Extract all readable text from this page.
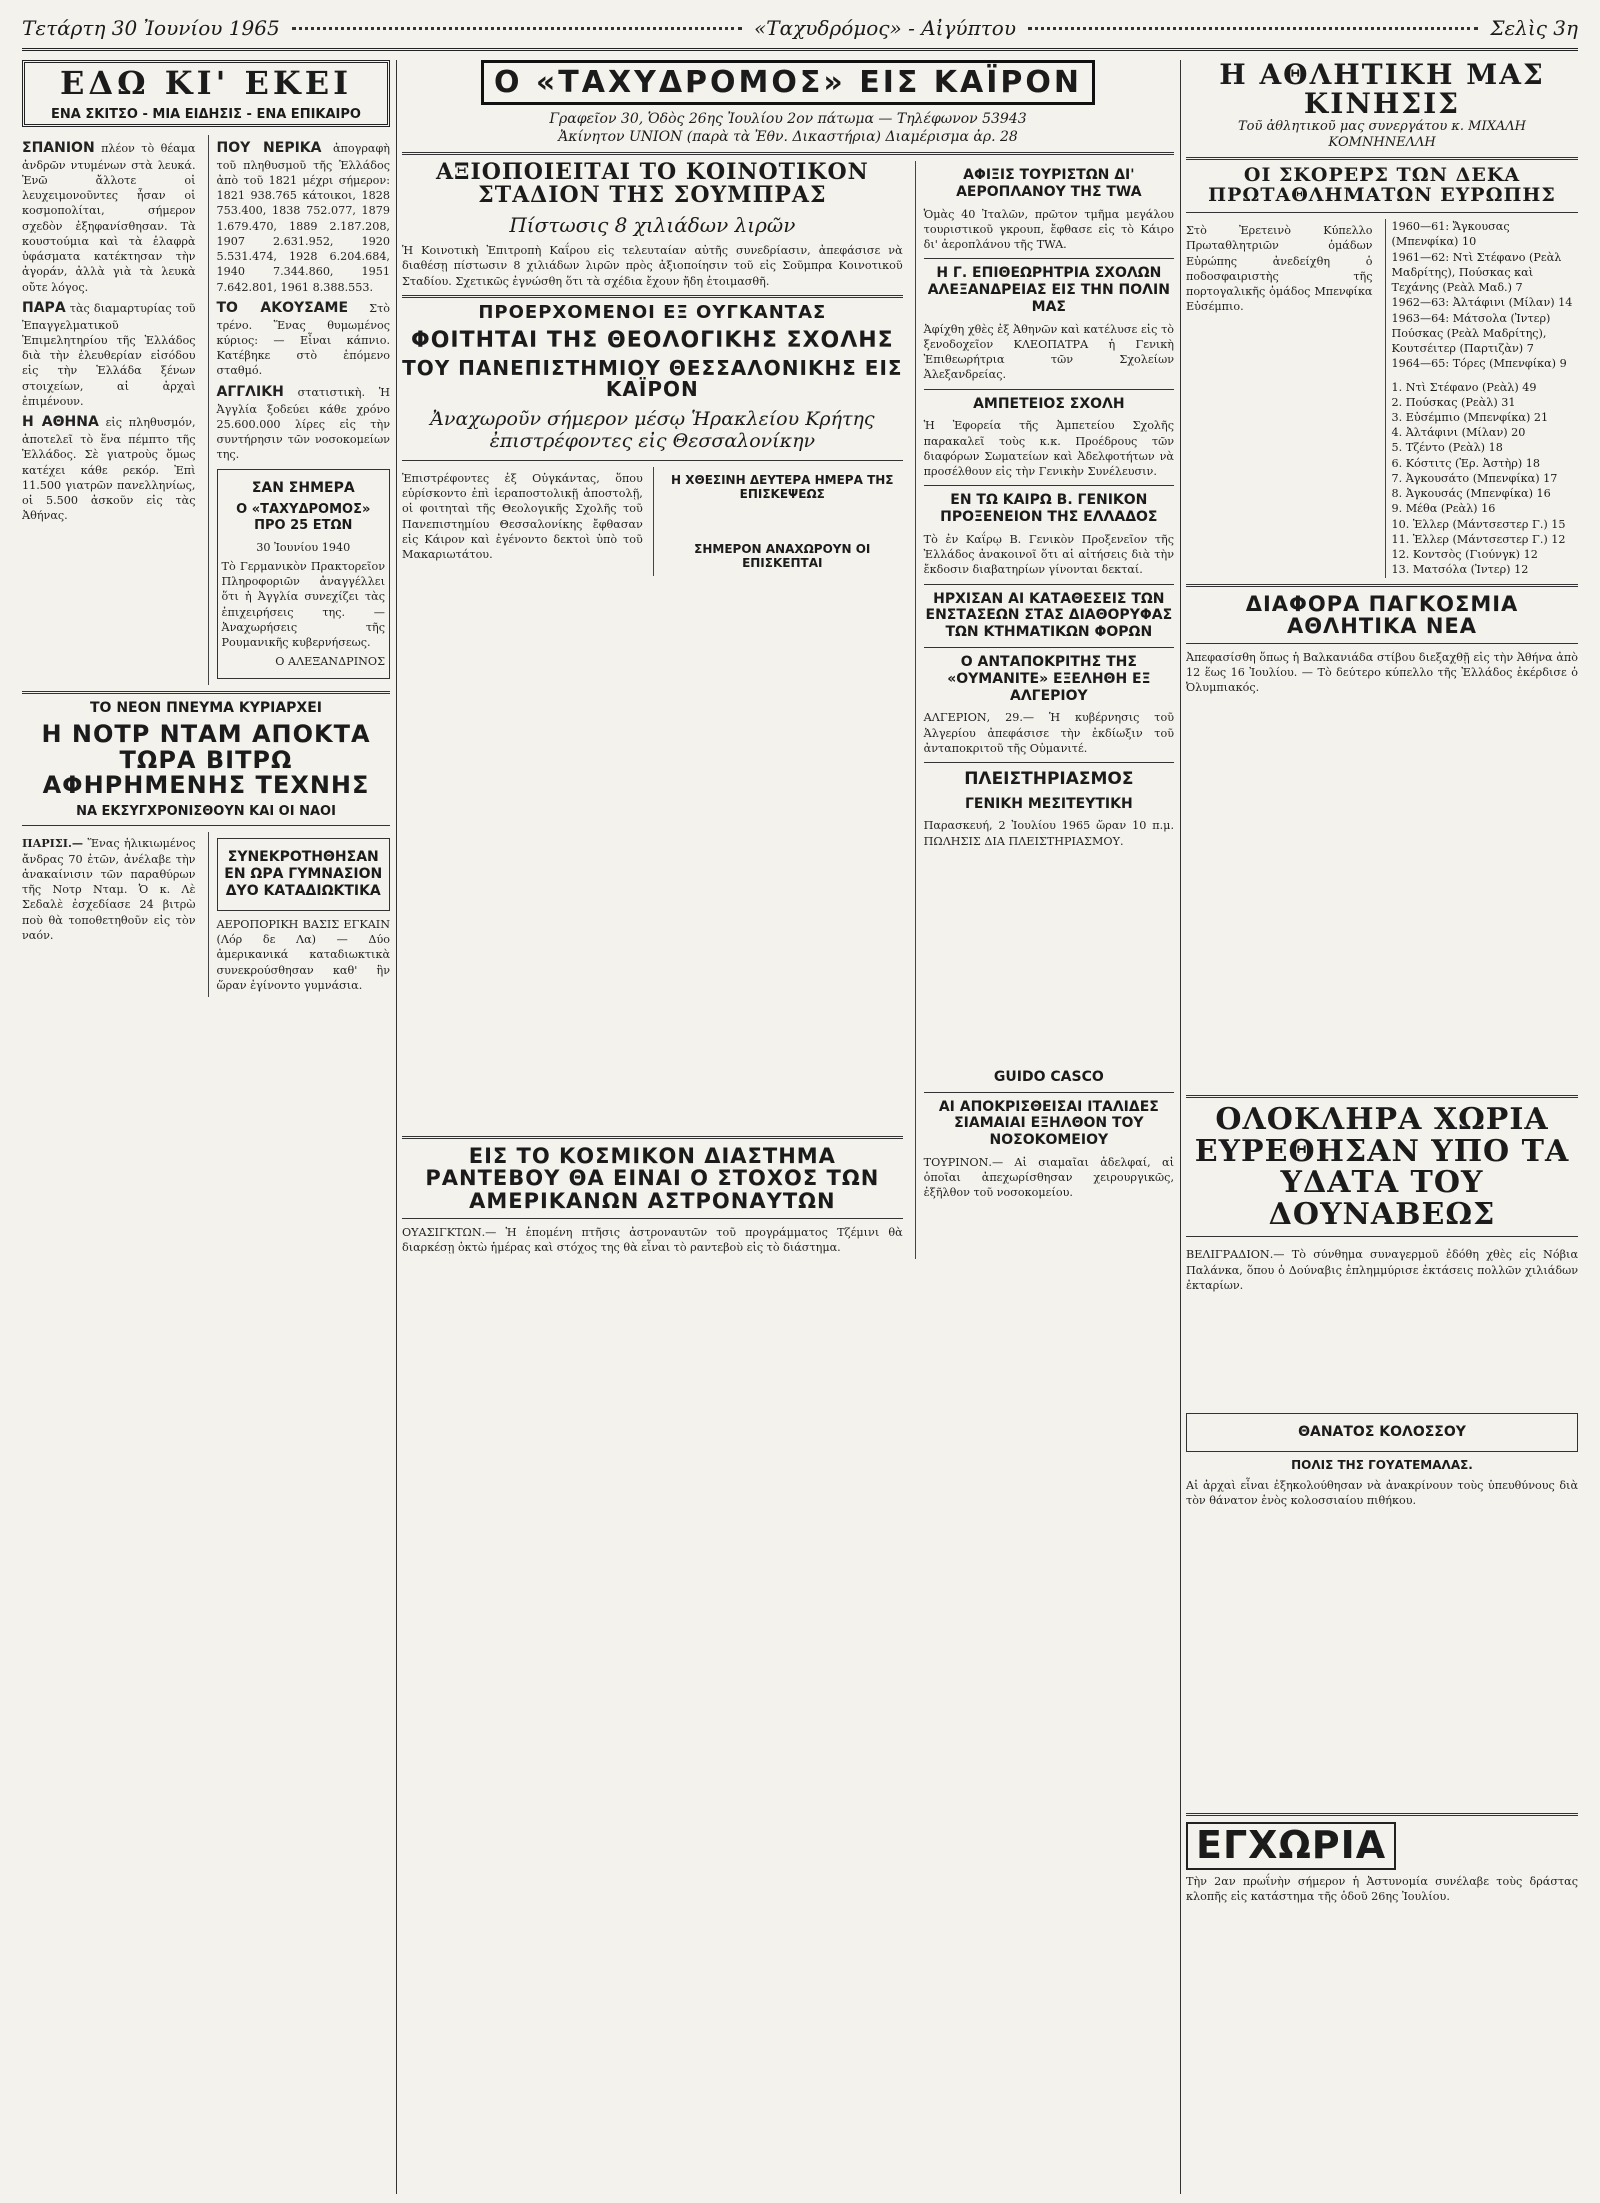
Τετάρτη 30 Ἰουνίου 1965	«Ταχυδρόμος» - Αἰγύπτου	Σελὶς 3η
ΕΔΩ ΚΙ' ΕΚΕΙ
ΕΝΑ ΣΚΙΤΣΟ - ΜΙΑ ΕΙΔΗΣΙΣ - ΕΝΑ ΕΠΙΚΑΙΡΟ
ΣΠΑΝΙΟΝ πλέον τὸ θέαμα ἀνδρῶν ντυμένων στὰ λευκά. Ἐνῶ ἄλλοτε οἱ λευχειμονοῦντες ἦσαν οἱ κοσμοπολίται, σήμερον σχεδὸν ἐξηφανίσθησαν. Τὰ κουστούμια καὶ τὰ ἐλαφρὰ ὑφάσματα κατέκτησαν τὴν ἀγοράν, ἀλλὰ γιὰ τὰ λευκὰ οὔτε λόγος.
ΠΑΡΑ τὰς διαμαρτυρίας τοῦ Ἐπαγγελματικοῦ Ἐπιμελητηρίου τῆς Ἑλλάδος διὰ τὴν ἐλευθερίαν εἰσόδου εἰς τὴν Ἑλλάδα ξένων στοιχείων, αἱ ἀρχαὶ ἐπιμένουν.
Η ΑΘΗΝΑ εἰς πληθυσμόν, ἀποτελεῖ τὸ ἕνα πέμπτο τῆς Ἑλλάδος. Σὲ γιατροὺς ὅμως κατέχει κάθε ρεκόρ. Ἐπὶ 11.500 γιατρῶν πανελληνίως, οἱ 5.500 ἀσκοῦν εἰς τὰς Ἀθήνας.
ΠΟΥ ΝΕΡΙΚΑ ἀπογραφὴ τοῦ πληθυσμοῦ τῆς Ἑλλάδος ἀπὸ τοῦ 1821 μέχρι σήμερον: 1821 938.765 κάτοικοι, 1828 753.400, 1838 752.077, 1879 1.679.470, 1889 2.187.208, 1907 2.631.952, 1920 5.531.474, 1928 6.204.684, 1940 7.344.860, 1951 7.642.801, 1961 8.388.553.
ΤΟ ΑΚΟΥΣΑΜΕ Στὸ τρένο. Ἕνας θυμωμένος κύριος: — Εἶναι κάπνιο. Κατέβηκε στὸ ἑπόμενο σταθμό.
ΑΓΓΛΙΚΗ στατιστικὴ. Ἡ Ἀγγλία ξοδεύει κάθε χρόνο 25.600.000 λίρες εἰς τὴν συντήρησιν τῶν νοσοκομείων της.
ΣΑΝ ΣΗΜΕΡΑ
Ο «ΤΑΧΥΔΡΟΜΟΣ» ΠΡΟ 25 ΕΤΩΝ
30 Ἰουνίου 1940
Τὸ Γερμανικὸν Πρακτορεῖον Πληροφοριῶν ἀναγγέλλει ὅτι ἡ Ἀγγλία συνεχίζει τὰς ἐπιχειρήσεις της. — Ἀναχωρήσεις τῆς Ρουμανικῆς κυβερνήσεως.
Ο ΑΛΕΞΑΝΔΡΙΝΟΣ
ΤΟ ΝΕΟΝ ΠΝΕΥΜΑ ΚΥΡΙΑΡΧΕΙ
Η ΝΟΤΡ ΝΤΑΜ ΑΠΟΚΤΑ ΤΩΡΑ ΒΙΤΡΩ ΑΦΗΡΗΜΕΝΗΣ ΤΕΧΝΗΣ
ΝΑ ΕΚΣΥΓΧΡΟΝΙΣΘΟΥΝ ΚΑΙ ΟΙ ΝΑΟΙ
ΠΑΡΙΣΙ.— Ἕνας ἡλικιωμένος ἄνδρας 70 ἐτῶν, ἀνέλαβε τὴν ἀνακαίνισιν τῶν παραθύρων τῆς Νοτρ Νταμ. Ὁ κ. Λὲ Σεδαλὲ ἐσχεδίασε 24 βιτρὼ ποὺ θὰ τοποθετηθοῦν εἰς τὸν ναόν.
ΣΥΝΕΚΡΟΤΗΘΗΣΑΝ ΕΝ ΩΡΑ ΓΥΜΝΑΣΙΟΝ ΔΥΟ ΚΑΤΑΔΙΩΚΤΙΚΑ
ΑΕΡΟΠΟΡΙΚΗ ΒΑΣΙΣ ΕΓΚΑΙΝ (Λόρ δε Λα) — Δύο ἀμερικανικά καταδιωκτικὰ συνεκρούσθησαν καθ' ἣν ὥραν ἐγίνοντο γυμνάσια.
Ο «ΤΑΧΥΔΡΟΜΟΣ» ΕΙΣ ΚΑΪΡΟΝ
Γραφεῖον 30, Ὁδὸς 26ης Ἰουλίου 2ον πάτωμα — Τηλέφωνον 53943
Ἀκίνητον UNION (παρὰ τὰ Ἐθν. Δικαστήρια) Διαμέρισμα ἀρ. 28
ΑΞΙΟΠΟΙΕΙΤΑΙ ΤΟ ΚΟΙΝΟΤΙΚΟΝ ΣΤΑΔΙΟΝ ΤΗΣ ΣΟΥΜΠΡΑΣ
Πίστωσις 8 χιλιάδων λιρῶν
Ἡ Κοινοτικὴ Ἐπιτροπὴ Καΐρου εἰς τελευταίαν αὐτῆς συνεδρίασιν, ἀπεφάσισε νὰ διαθέσῃ πίστωσιν 8 χιλιάδων λιρῶν πρὸς ἀξιοποίησιν τοῦ εἰς Σοῦμπρα Κοινοτικοῦ Σταδίου. Σχετικῶς ἐγνώσθη ὅτι τὰ σχέδια ἔχουν ἤδη ἑτοιμασθῆ.
ΠΡΟΕΡΧΟΜΕΝΟΙ ΕΞ ΟΥΓΚΑΝΤΑΣ
ΦΟΙΤΗΤΑΙ ΤΗΣ ΘΕΟΛΟΓΙΚΗΣ ΣΧΟΛΗΣ
ΤΟΥ ΠΑΝΕΠΙΣΤΗΜΙΟΥ ΘΕΣΣΑΛΟΝΙΚΗΣ ΕΙΣ ΚΑΪΡΟΝ
Ἀναχωροῦν σήμερον μέσῳ Ἡρακλείου Κρήτης ἐπιστρέφοντες εἰς Θεσσαλονίκην
Ἐπιστρέφοντες ἐξ Οὐγκάντας, ὅπου εὑρίσκοντο ἐπὶ ἱεραποστολικῇ ἀποστολῇ, οἱ φοιτηταὶ τῆς Θεολογικῆς Σχολῆς τοῦ Πανεπιστημίου Θεσσαλονίκης ἔφθασαν εἰς Κάιρον καὶ ἐγένοντο δεκτοὶ ὑπὸ τοῦ Μακαριωτάτου.
Η ΧΘΕΣΙΝΗ ΔΕΥΤΕΡΑ ΗΜΕΡΑ ΤΗΣ ΕΠΙΣΚΕΨΕΩΣ
ΣΗΜΕΡΟΝ ΑΝΑΧΩΡΟΥΝ ΟΙ ΕΠΙΣΚΕΠΤΑΙ
ΕΙΣ ΤΟ ΚΟΣΜΙΚΟΝ ΔΙΑΣΤΗΜΑ ΡΑΝΤΕΒΟΥ ΘΑ ΕΙΝΑΙ Ο ΣΤΟΧΟΣ ΤΩΝ ΑΜΕΡΙΚΑΝΩΝ ΑΣΤΡΟΝΑΥΤΩΝ
ΟΥΑΣΙΓΚΤΩΝ.— Ἡ ἑπομένη πτῆσις ἀστροναυτῶν τοῦ προγράμματος Τζέμινι θὰ διαρκέσῃ ὀκτὼ ἡμέρας καὶ στόχος της θὰ εἶναι τὸ ραντεβοὺ εἰς τὸ διάστημα.
ΑΦΙΞΙΣ ΤΟΥΡΙΣΤΩΝ ΔΙ' ΑΕΡΟΠΛΑΝΟΥ ΤΗΣ TWA
Ὁμὰς 40 Ἰταλῶν, πρῶτον τμῆμα μεγάλου τουριστικοῦ γκρουπ, ἔφθασε εἰς τὸ Κάιρο δι' ἀεροπλάνου τῆς TWA.
Η Γ. ΕΠΙΘΕΩΡΗΤΡΙΑ ΣΧΟΛΩΝ ΑΛΕΞΑΝΔΡΕΙΑΣ ΕΙΣ ΤΗΝ ΠΟΛΙΝ ΜΑΣ
Ἀφίχθη χθὲς ἐξ Ἀθηνῶν καὶ κατέλυσε εἰς τὸ ξενοδοχεῖον ΚΛΕΟΠΑΤΡΑ ἡ Γενικὴ Ἐπιθεωρήτρια τῶν Σχολείων Ἀλεξανδρείας.
ΑΜΠΕΤΕΙΟΣ ΣΧΟΛΗ
Ἡ Ἐφορεία τῆς Ἀμπετείου Σχολῆς παρακαλεῖ τοὺς κ.κ. Προέδρους τῶν διαφόρων Σωματείων καὶ Ἀδελφοτήτων νὰ προσέλθουν εἰς τὴν Γενικὴν Συνέλευσιν.
ΕΝ ΤΩ ΚΑΙΡΩ Β. ΓΕΝΙΚΟΝ ΠΡΟΞΕΝΕΙΟΝ ΤΗΣ ΕΛΛΑΔΟΣ
Τὸ ἐν Καΐρῳ Β. Γενικὸν Προξενεῖον τῆς Ἑλλάδος ἀνακοινοῖ ὅτι αἱ αἰτήσεις διὰ τὴν ἔκδοσιν διαβατηρίων γίνονται δεκταί.
ΗΡΧΙΣΑΝ ΑΙ ΚΑΤΑΘΕΣΕΙΣ ΤΩΝ ΕΝΣΤΑΣΕΩΝ ΣΤΑΣ ΔΙΑΘΟΡΥΦΑΣ ΤΩΝ ΚΤΗΜΑΤΙΚΩΝ ΦΟΡΩΝ
Ο ΑΝΤΑΠΟΚΡΙΤΗΣ ΤΗΣ «ΟΥΜΑΝΙΤΕ» ΕΞΕΛΗΘΗ ΕΞ ΑΛΓΕΡΙΟΥ
ΑΛΓΕΡΙΟΝ, 29.— Ἡ κυβέρνησις τοῦ Ἀλγερίου ἀπεφάσισε τὴν ἐκδίωξιν τοῦ ἀνταποκριτοῦ τῆς Οὑμανιτέ.
ΠΛΕΙΣΤΗΡΙΑΣΜΟΣ
ΓΕΝΙΚΗ ΜΕΣΙΤΕΥΤΙΚΗ
Παρασκευή, 2 Ἰουλίου 1965 ὥραν 10 π.μ. ΠΩΛΗΣΙΣ ΔΙΑ ΠΛΕΙΣΤΗΡΙΑΣΜΟΥ.
GUIDO CASCO
ΑΙ ΑΠΟΚΡΙΣΘΕΙΣΑΙ ΙΤΑΛΙΔΕΣ ΣΙΑΜΑΙΑΙ ΕΞΗΛΘΟΝ ΤΟΥ ΝΟΣΟΚΟΜΕΙΟΥ
ΤΟΥΡΙΝΟΝ.— Αἱ σιαμαῖαι ἀδελφαί, αἱ ὁποῖαι ἀπεχωρίσθησαν χειρουργικῶς, ἐξῆλθον τοῦ νοσοκομείου.
Η ΑΘΛΗΤΙΚΗ ΜΑΣ ΚΙΝΗΣΙΣ
Τοῦ ἀθλητικοῦ μας συνεργάτου κ. ΜΙΧΑΛΗ ΚΟΜΝΗΝΕΛΛΗ
ΟΙ ΣΚΟΡΕΡΣ ΤΩΝ ΔΕΚΑ ΠΡΩΤΑΘΛΗΜΑΤΩΝ ΕΥΡΩΠΗΣ
Στὸ Ἐρετεινὸ Κύπελλο Πρωταθλητριῶν ὁμάδων Εὐρώπης ἀνεδείχθη ὁ ποδοσφαιριστὴς τῆς πορτογαλικῆς ὁμάδος Μπενφίκα Εὐσέμπιο.
1960—61: Ἄγκουσας (Μπενφίκα) 10
1961—62: Ντὶ Στέφανο (Ρεὰλ Μαδρίτης), Πούσκας καὶ Τεχάνης (Ρεὰλ Μαδ.) 7
1962—63: Ἀλτάφινι (Μίλαν) 14
1963—64: Μάτσολα (Ἰντερ) Πούσκας (Ρεὰλ Μαδρίτης), Κουτσέιτερ (Παρτιζὰν) 7
1964—65: Τόρες (Μπενφίκα) 9
1. Ντὶ Στέφανο (Ρεὰλ) 49
2. Πούσκας (Ρεὰλ) 31
3. Εὐσέμπιο (Μπενφίκα) 21
4. Ἀλτάφινι (Μίλαν) 20
5. Τζέντο (Ρεὰλ) 18
6. Κόστιτς (Ἐρ. Ἀστὴρ) 18
7. Ἀγκουσάτο (Μπενφίκα) 17
8. Ἀγκουσάς (Μπενφίκα) 16
9. Μέθα (Ρεὰλ) 16
10. Ἐλλερ (Μάντσεστερ Γ.) 15
11. Ἐλλερ (Μάντσεστερ Γ.) 12
12. Κοντσὸς (Γιούνγκ) 12
13. Ματσόλα (Ἰντερ) 12
ΔΙΑΦΟΡΑ ΠΑΓΚΟΣΜΙΑ ΑΘΛΗΤΙΚΑ ΝΕΑ
Ἀπεφασίσθη ὅπως ἡ Βαλκανιάδα στίβου διεξαχθῇ εἰς τὴν Ἀθήνα ἀπὸ 12 ἕως 16 Ἰουλίου. — Τὸ δεύτερο κύπελλο τῆς Ἐλλάδος ἐκέρδισε ὁ Ὀλυμπιακός.
ΟΛΟΚΛΗΡΑ ΧΩΡΙΑ ΕΥΡΕΘΗΣΑΝ ΥΠΟ ΤΑ ΥΔΑΤΑ ΤΟΥ ΔΟΥΝΑΒΕΩΣ
ΒΕΛΙΓΡΑΔΙΟΝ.— Τὸ σύνθημα συναγερμοῦ ἐδόθη χθὲς εἰς Νόβια Παλάνκα, ὅπου ὁ Δούναβις ἐπλημμύρισε ἐκτάσεις πολλῶν χιλιάδων ἐκταρίων.
ΘΑΝΑΤΟΣ ΚΟΛΟΣΣΟΥ
ΠΟΛΙΣ ΤΗΣ ΓΟΥΑΤΕΜΑΛΑΣ.
Αἱ ἀρχαὶ εἶναι ἐξηκολούθησαν νὰ ἀνακρίνουν τοὺς ὑπευθύνους διὰ τὸν θάνατον ἑνὸς κολοσσιαίου πιθήκου.
ΕΓΧΩΡΙΑ
Τὴν 2αν πρωΐνὴν σήμερον ἡ Ἀστυνομία συνέλαβε τοὺς δράστας κλοπῆς εἰς κατάστημα τῆς ὁδοῦ 26ης Ἰουλίου.
